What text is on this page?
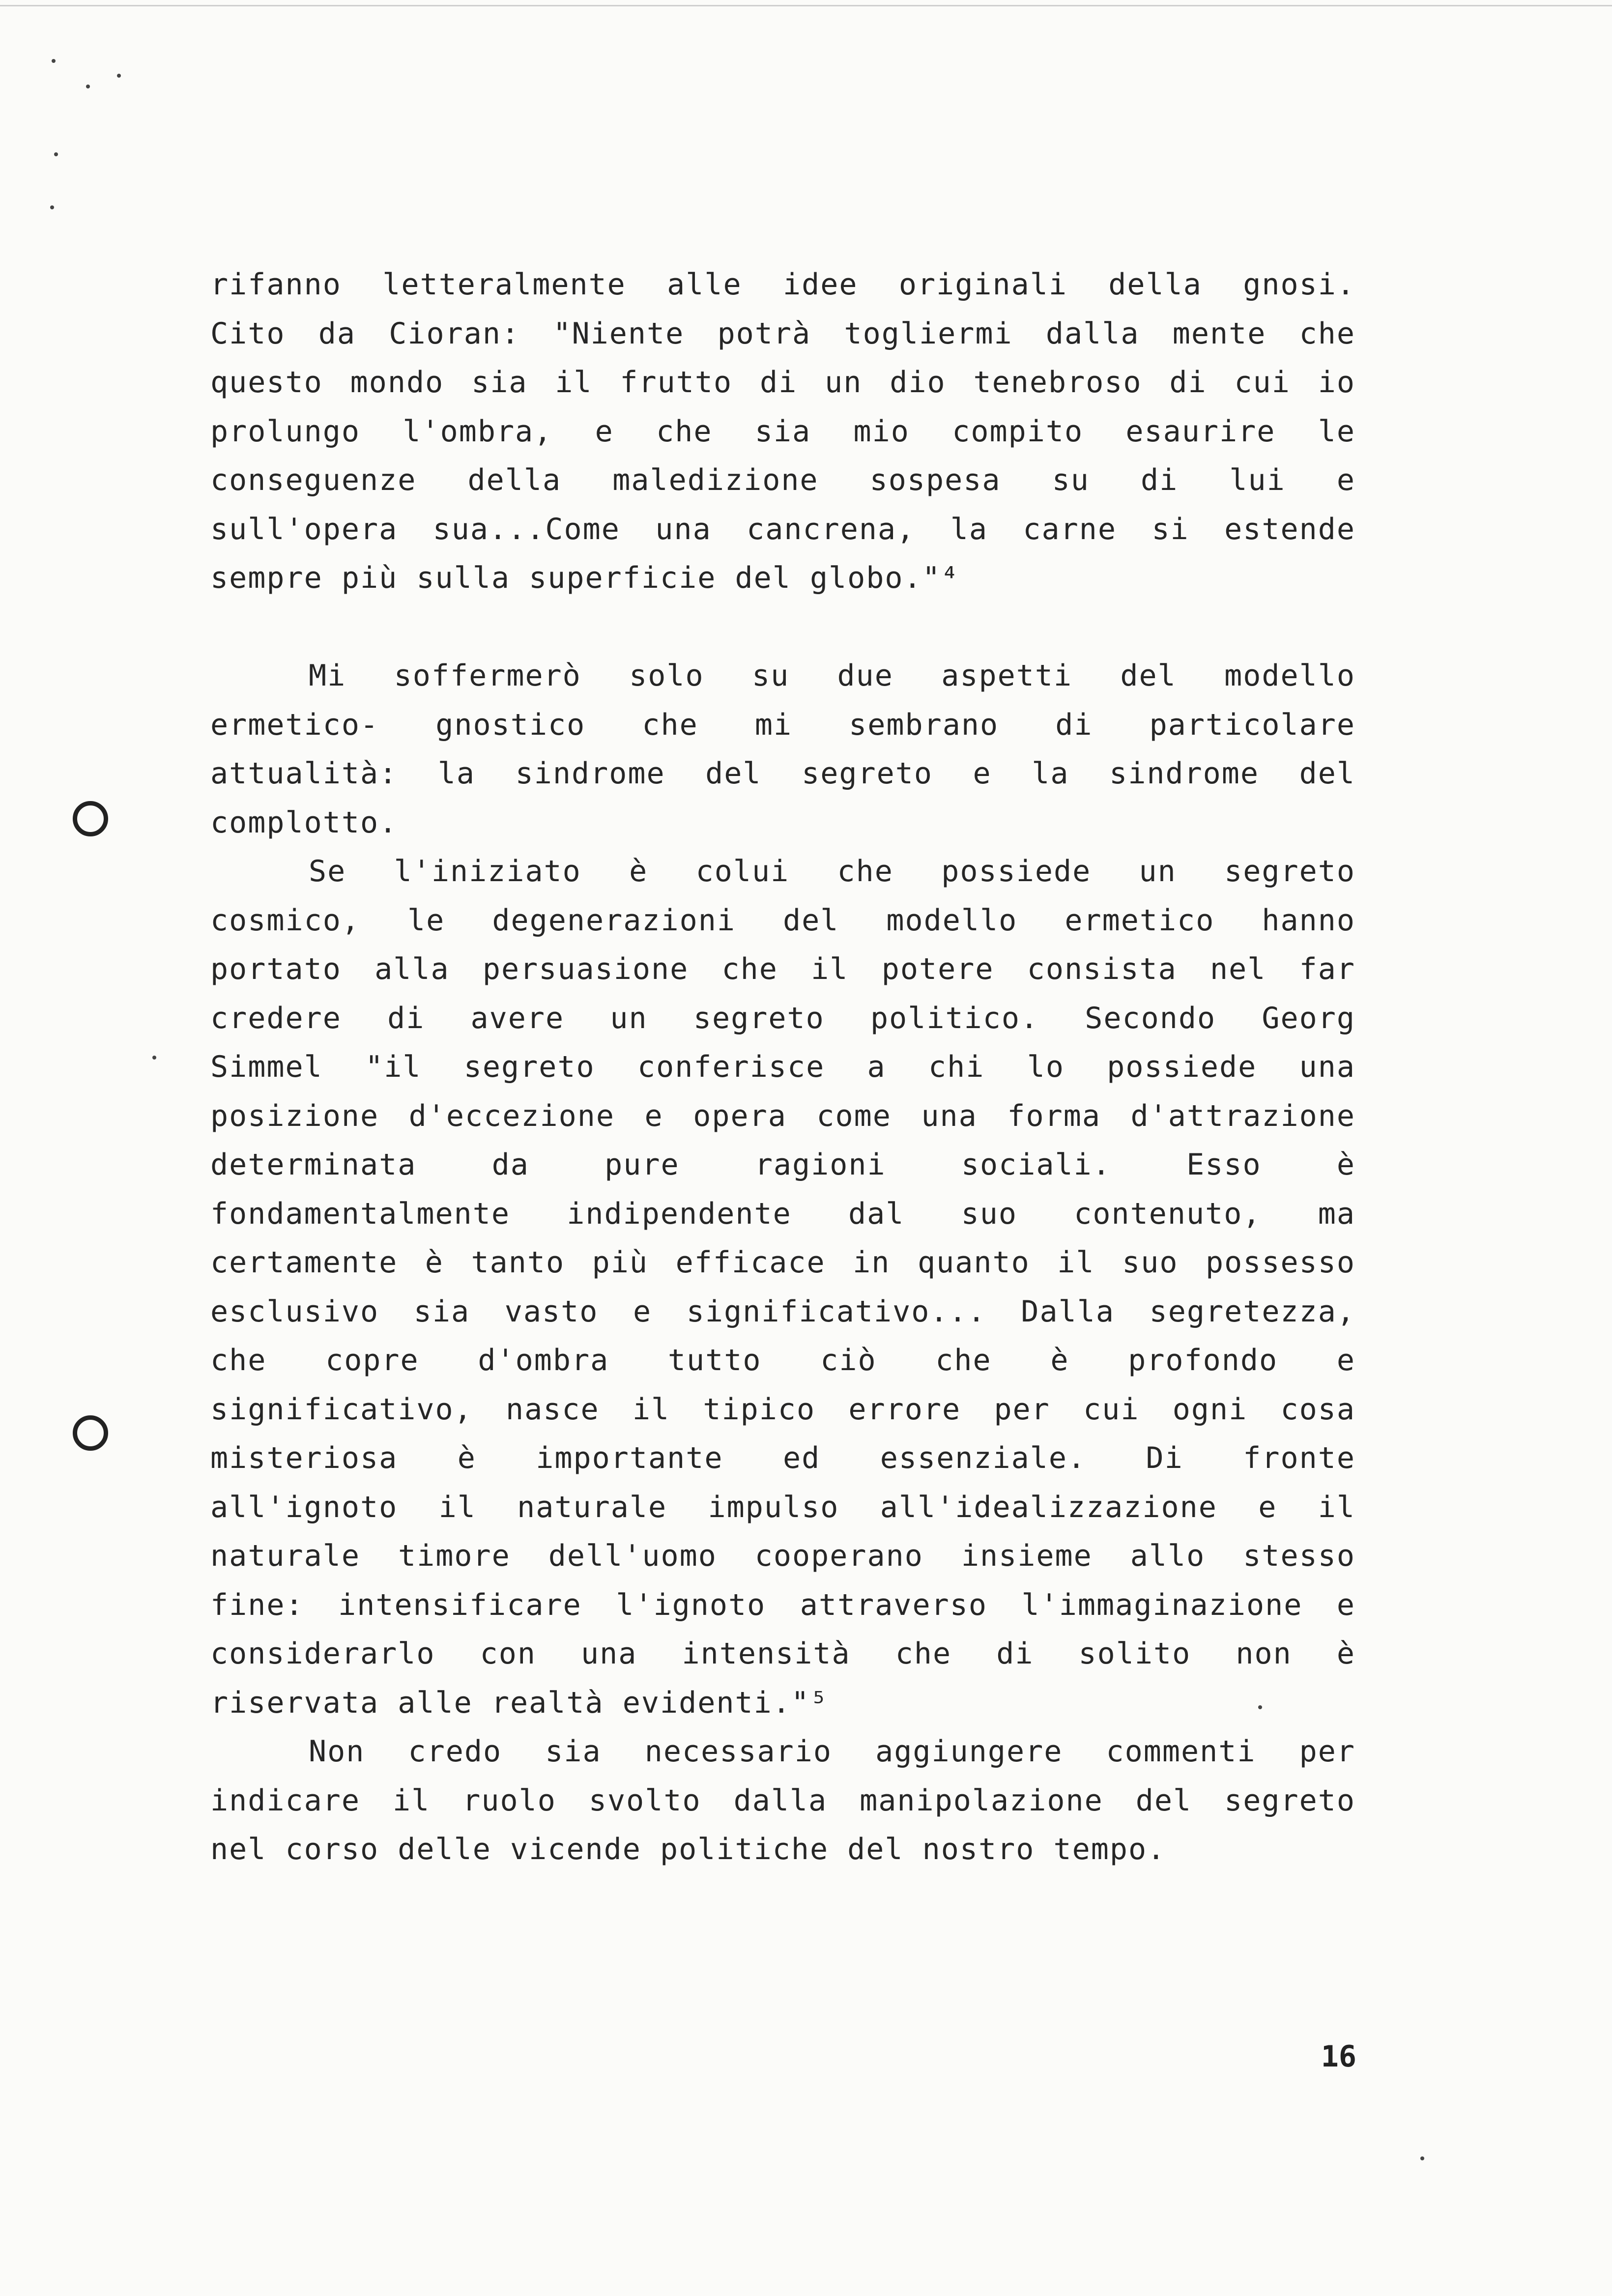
rifanno letteralmente alle idee originali della gnosi.
Cito da Cioran: "Niente potrà togliermi dalla mente che
questo mondo sia il frutto di un dio tenebroso di cui io
prolungo l'ombra, e che sia mio compito esaurire le
conseguenze della maledizione sospesa su di lui e
sull'opera sua...Come una cancrena, la carne si estende
sempre più sulla superficie del globo."⁴
Mi soffermerò solo su due aspetti del modello
ermetico- gnostico che mi sembrano di particolare
attualità: la sindrome del segreto e la sindrome del
complotto.
Se l'iniziato è colui che possiede un segreto
cosmico, le degenerazioni del modello ermetico hanno
portato alla persuasione che il potere consista nel far
credere di avere un segreto politico. Secondo Georg
Simmel "il segreto conferisce a chi lo possiede una
posizione d'eccezione e opera come una forma d'attrazione
determinata da pure ragioni sociali. Esso è
fondamentalmente indipendente dal suo contenuto, ma
certamente è tanto più efficace in quanto il suo possesso
esclusivo sia vasto e significativo... Dalla segretezza,
che copre d'ombra tutto ciò che è profondo e
significativo, nasce il tipico errore per cui ogni cosa
misteriosa è importante ed essenziale. Di fronte
all'ignoto il naturale impulso all'idealizzazione e il
naturale timore dell'uomo cooperano insieme allo stesso
fine: intensificare l'ignoto attraverso l'immaginazione e
considerarlo con una intensità che di solito non è
riservata alle realtà evidenti."⁵
Non credo sia necessario aggiungere commenti per
indicare il ruolo svolto dalla manipolazione del segreto
nel corso delle vicende politiche del nostro tempo.
16
